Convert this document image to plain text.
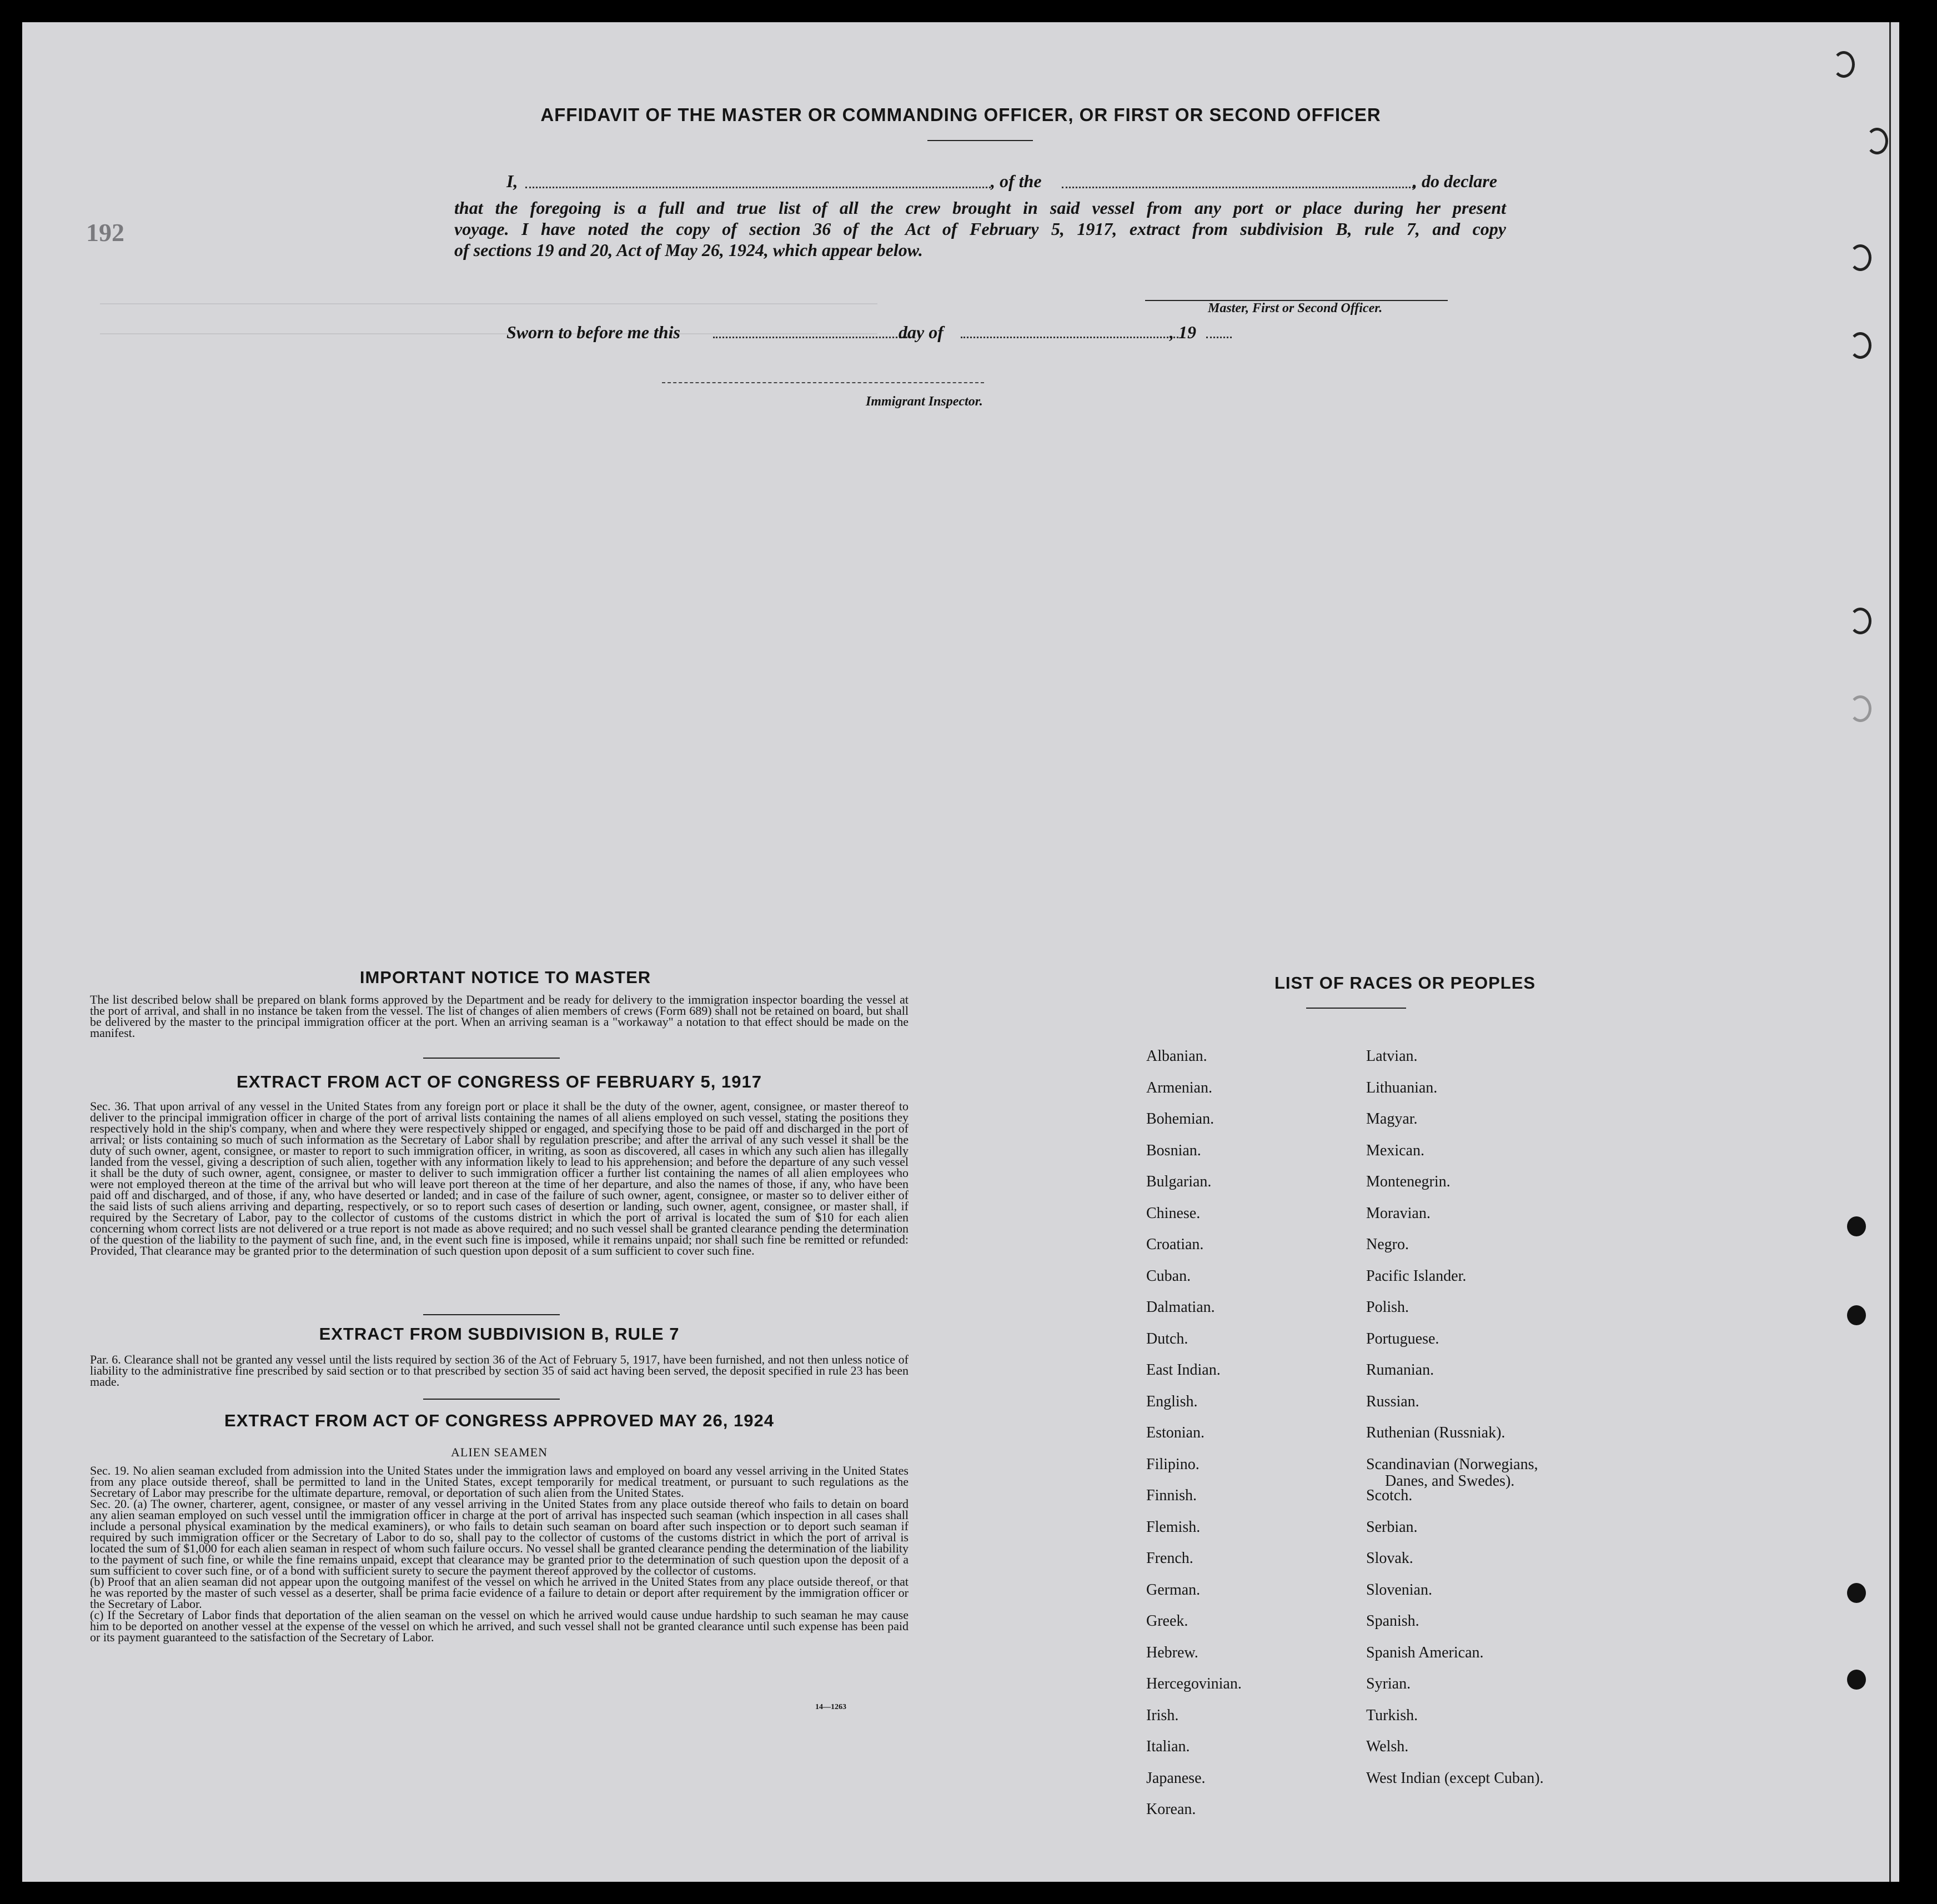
192
AFFIDAVIT OF THE MASTER OR COMMANDING OFFICER, OR FIRST OR SECOND OFFICER
I,	, of the	, do declare
that the foregoing is a full and true list of all the crew brought in said vessel from any port or place during her present
voyage. I have noted the copy of section 36 of the Act of February 5, 1917, extract from subdivision B, rule 7, and copy
of sections 19 and 20, Act of May 26, 1924, which appear below.
Master, First or Second Officer.
Sworn to before me this	day of	, 19
Immigrant Inspector.
IMPORTANT NOTICE TO MASTER
The list described below shall be prepared on blank forms approved by the Department and be ready for delivery to the immigration inspector boarding the vessel at the port of arrival, and shall in no instance be taken from the vessel. The list of changes of alien members of crews (Form 689) shall not be retained on board, but shall be delivered by the master to the principal immigration officer at the port. When an arriving seaman is a "workaway" a notation to that effect should be made on the manifest.
EXTRACT FROM ACT OF CONGRESS OF FEBRUARY 5, 1917
Sec. 36. That upon arrival of any vessel in the United States from any foreign port or place it shall be the duty of the owner, agent, consignee, or master thereof to deliver to the principal immigration officer in charge of the port of arrival lists containing the names of all aliens employed on such vessel, stating the positions they respectively hold in the ship's company, when and where they were respectively shipped or engaged, and specifying those to be paid off and discharged in the port of arrival; or lists containing so much of such information as the Secretary of Labor shall by regulation prescribe; and after the arrival of any such vessel it shall be the duty of such owner, agent, consignee, or master to report to such immigration officer, in writing, as soon as discovered, all cases in which any such alien has illegally landed from the vessel, giving a description of such alien, together with any information likely to lead to his apprehension; and before the departure of any such vessel it shall be the duty of such owner, agent, consignee, or master to deliver to such immigration officer a further list containing the names of all alien employees who were not employed thereon at the time of the arrival but who will leave port thereon at the time of her departure, and also the names of those, if any, who have been paid off and discharged, and of those, if any, who have deserted or landed; and in case of the failure of such owner, agent, consignee, or master so to deliver either of the said lists of such aliens arriving and departing, respectively, or so to report such cases of desertion or landing, such owner, agent, consignee, or master shall, if required by the Secretary of Labor, pay to the collector of customs of the customs district in which the port of arrival is located the sum of $10 for each alien concerning whom correct lists are not delivered or a true report is not made as above required; and no such vessel shall be granted clearance pending the determination of the question of the liability to the payment of such fine, and, in the event such fine is imposed, while it remains unpaid; nor shall such fine be remitted or refunded: Provided, That clearance may be granted prior to the determination of such question upon deposit of a sum sufficient to cover such fine.
EXTRACT FROM SUBDIVISION B, RULE 7
Par. 6. Clearance shall not be granted any vessel until the lists required by section 36 of the Act of February 5, 1917, have been furnished, and not then unless notice of liability to the administrative fine prescribed by said section or to that prescribed by section 35 of said act having been served, the deposit specified in rule 23 has been made.
EXTRACT FROM ACT OF CONGRESS APPROVED MAY 26, 1924
ALIEN SEAMEN
Sec. 19. No alien seaman excluded from admission into the United States under the immigration laws and employed on board any vessel arriving in the United States from any place outside thereof, shall be permitted to land in the United States, except temporarily for medical treatment, or pursuant to such regulations as the Secretary of Labor may prescribe for the ultimate departure, removal, or deportation of such alien from the United States.
Sec. 20. (a) The owner, charterer, agent, consignee, or master of any vessel arriving in the United States from any place outside thereof who fails to detain on board any alien seaman employed on such vessel until the immigration officer in charge at the port of arrival has inspected such seaman (which inspection in all cases shall include a personal physical examination by the medical examiners), or who fails to detain such seaman on board after such inspection or to deport such seaman if required by such immigration officer or the Secretary of Labor to do so, shall pay to the collector of customs of the customs district in which the port of arrival is located the sum of $1,000 for each alien seaman in respect of whom such failure occurs. No vessel shall be granted clearance pending the determination of the liability to the payment of such fine, or while the fine remains unpaid, except that clearance may be granted prior to the determination of such question upon the deposit of a sum sufficient to cover such fine, or of a bond with sufficient surety to secure the payment thereof approved by the collector of customs.
(b) Proof that an alien seaman did not appear upon the outgoing manifest of the vessel on which he arrived in the United States from any place outside thereof, or that he was reported by the master of such vessel as a deserter, shall be prima facie evidence of a failure to detain or deport after requirement by the immigration officer or the Secretary of Labor.
(c) If the Secretary of Labor finds that deportation of the alien seaman on the vessel on which he arrived would cause undue hardship to such seaman he may cause him to be deported on another vessel at the expense of the vessel on which he arrived, and such vessel shall not be granted clearance until such expense has been paid or its payment guaranteed to the satisfaction of the Secretary of Labor.
14—1263
LIST OF RACES OR PEOPLES
Albanian.
Armenian.
Bohemian.
Bosnian.
Bulgarian.
Chinese.
Croatian.
Cuban.
Dalmatian.
Dutch.
East Indian.
English.
Estonian.
Filipino.
Finnish.
Flemish.
French.
German.
Greek.
Hebrew.
Hercegovinian.
Irish.
Italian.
Japanese.
Korean.
Latvian.
Lithuanian.
Magyar.
Mexican.
Montenegrin.
Moravian.
Negro.
Pacific Islander.
Polish.
Portuguese.
Rumanian.
Russian.
Ruthenian (Russniak).
Scandinavian (Norwegians,
Danes, and Swedes).
Scotch.
Serbian.
Slovak.
Slovenian.
Spanish.
Spanish American.
Syrian.
Turkish.
Welsh.
West Indian (except Cuban).
